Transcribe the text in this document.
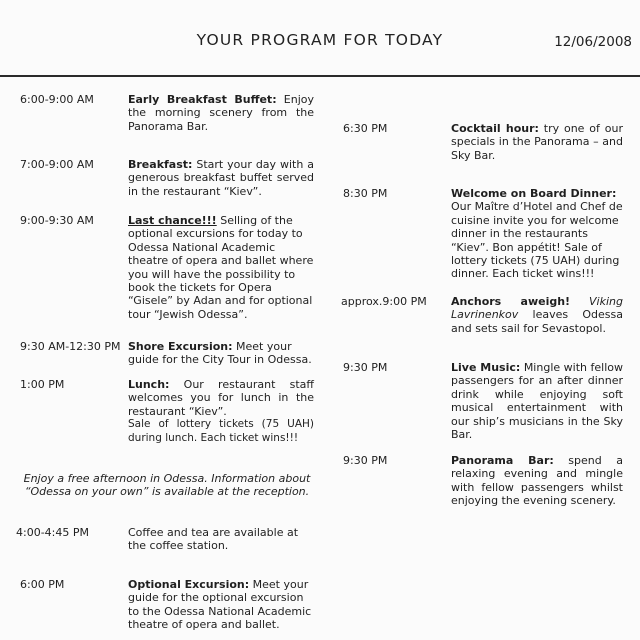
YOUR PROGRAM FOR TODAY	12/06/2008
6:00-9:00 AM	Early Breakfast Buffet: Enjoy the morning scenery from the Panorama Bar.
7:00-9:00 AM	Breakfast: Start your day with a generous breakfast buffet served in the restaurant “Kiev”.
9:00-9:30 AM	Last chance!!! Selling of the optional excursions for today to Odessa National Academic theatre of opera and ballet where you will have the possibility to book the tickets for Opera “Gisele” by Adan and for optional tour “Jewish Odessa”.
9:30 AM-12:30 PM Shore Excursion: Meet your guide for the City Tour in Odessa.
1:00 PM	Lunch: Our restaurant staff welcomes you for lunch in the restaurant “Kiev”.
Sale of lottery tickets (75 UAH) during lunch. Each ticket wins!!!
Enjoy a free afternoon in Odessa. Information about “Odessa on your own” is available at the reception.
4:00-4:45 PM	Coffee and tea are available at the coffee station.
6:00 PM	Optional Excursion: Meet your guide for the optional excursion to the Odessa National Academic theatre of opera and ballet.
6:30 PM	Cocktail hour: try one of our specials in the Panorama – and Sky Bar.
8:30 PM	Welcome on Board Dinner: Our Maître d’Hotel and Chef de cuisine invite you for welcome dinner in the restaurants “Kiev”. Bon appétit! Sale of lottery tickets (75 UAH) during dinner. Each ticket wins!!!
approx.9:00 PM Anchors aweigh! Viking Lavrinenkov leaves Odessa and sets sail for Sevastopol.
9:30 PM	Live Music: Mingle with fellow passengers for an after dinner drink while enjoying soft musical entertainment with our ship’s musicians in the Sky Bar.
9:30 PM	Panorama Bar: spend a relaxing evening and mingle with fellow passengers whilst enjoying the evening scenery.
